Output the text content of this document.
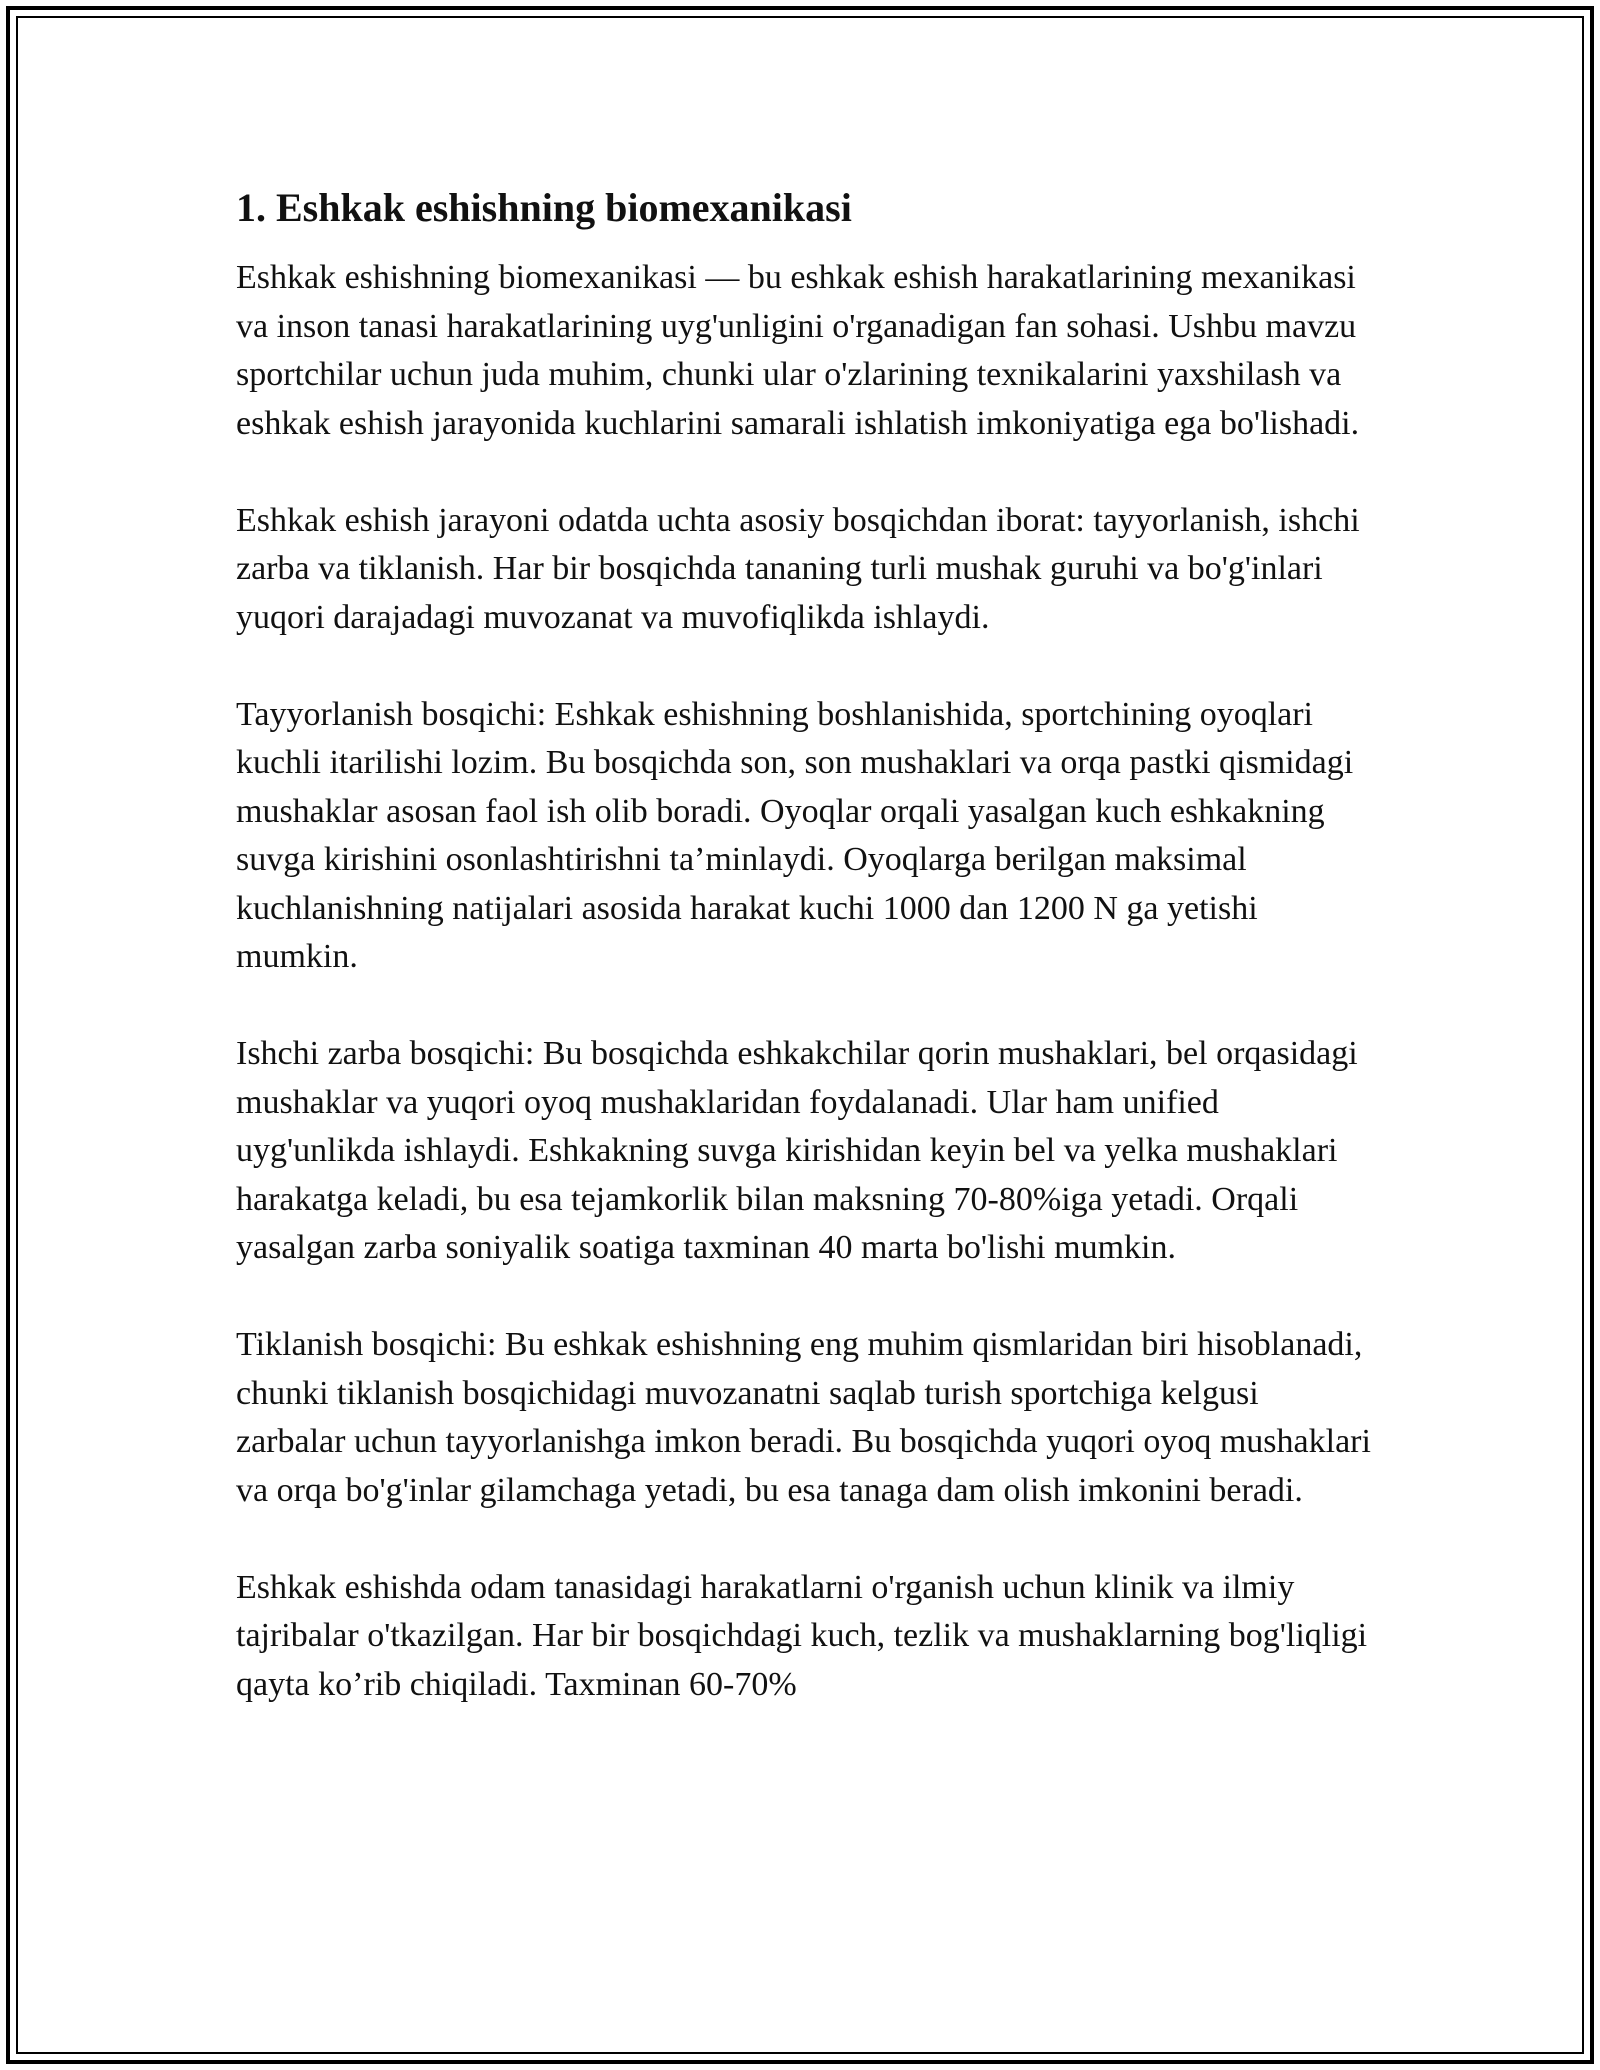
1. Eshkak eshishning biomexanikasi

Eshkak eshishning biomexanikasi — bu eshkak eshish harakatlarining mexanikasi va inson tanasi harakatlarining uyg'unligini o'rganadigan fan sohasi. Ushbu mavzu sportchilar uchun juda muhim, chunki ular o'zlarining texnikalarini yaxshilash va eshkak eshish jarayonida kuchlarini samarali ishlatish imkoniyatiga ega bo'lishadi.

Eshkak eshish jarayoni odatda uchta asosiy bosqichdan iborat: tayyorlanish, ishchi zarba va tiklanish. Har bir bosqichda tananing turli mushak guruhi va bo'g'inlari yuqori darajadagi muvozanat va muvofiqlikda ishlaydi.

Tayyorlanish bosqichi: Eshkak eshishning boshlanishida, sportchining oyoqlari kuchli itarilishi lozim. Bu bosqichda son, son mushaklari va orqa pastki qismidagi mushaklar asosan faol ish olib boradi. Oyoqlar orqali yasalgan kuch eshkakning suvga kirishini osonlashtirishni ta’minlaydi. Oyoqlarga berilgan maksimal kuchlanishning natijalari asosida harakat kuchi 1000 dan 1200 N ga yetishi mumkin.

Ishchi zarba bosqichi: Bu bosqichda eshkakchilar qorin mushaklari, bel orqasidagi mushaklar va yuqori oyoq mushaklaridan foydalanadi. Ular ham unified uyg'unlikda ishlaydi. Eshkakning suvga kirishidan keyin bel va yelka mushaklari harakatga keladi, bu esa tejamkorlik bilan maksning 70-80%iga yetadi. Orqali yasalgan zarba soniyalik soatiga taxminan 40 marta bo'lishi mumkin.

Tiklanish bosqichi: Bu eshkak eshishning eng muhim qismlaridan biri hisoblanadi, chunki tiklanish bosqichidagi muvozanatni saqlab turish sportchiga kelgusi zarbalar uchun tayyorlanishga imkon beradi. Bu bosqichda yuqori oyoq mushaklari va orqa bo'g'inlar gilamchaga yetadi, bu esa tanaga dam olish imkonini beradi.

Eshkak eshishda odam tanasidagi harakatlarni o'rganish uchun klinik va ilmiy tajribalar o'tkazilgan. Har bir bosqichdagi kuch, tezlik va mushaklarning bog'liqligi qayta ko’rib chiqiladi. Taxminan 60-70%
